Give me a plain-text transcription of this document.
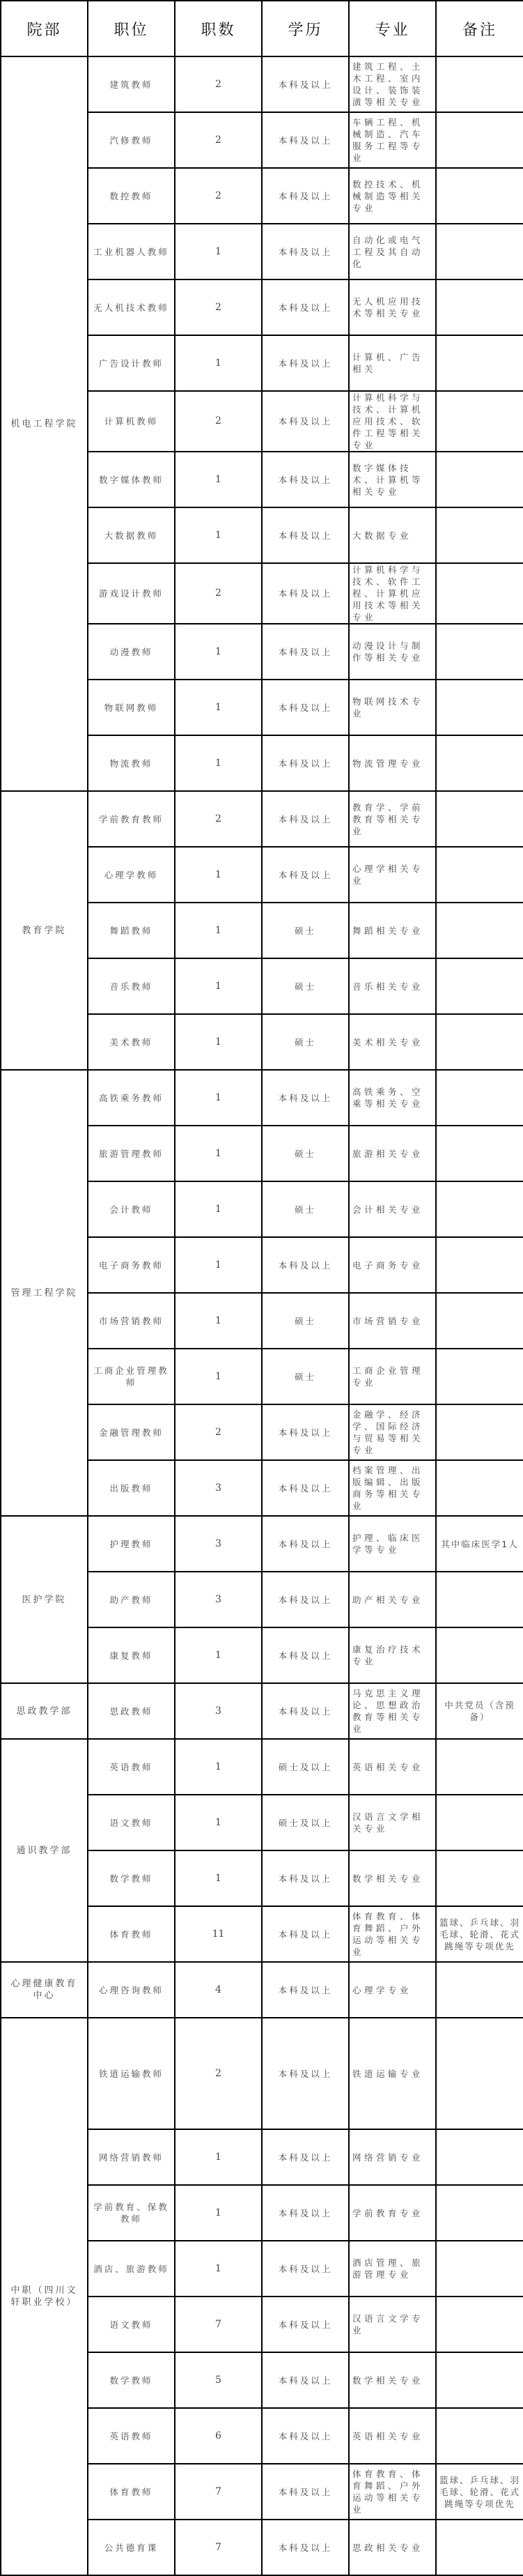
院部	职位	职数	学历	专业	备注
机电工程学院	建筑教师	2	本科及以上	建筑工程、土木工程、室内设计、装饰装潢等相关专业	
	汽修教师	2	本科及以上	车辆工程、机械制造、汽车服务工程等专业	
	数控教师	2	本科及以上	数控技术、机械制造等相关专业	
	工业机器人教师	1	本科及以上	自动化或电气工程及其自动化	
	无人机技术教师	2	本科及以上	无人机应用技术等相关专业	
	广告设计教师	1	本科及以上	计算机、广告相关	
	计算机教师	2	本科及以上	计算机科学与技术、计算机应用技术、软件工程等相关专业	
	数字媒体教师	1	本科及以上	数字媒体技术、计算机等相关专业	
	大数据教师	1	本科及以上	大数据专业	
	游戏设计教师	2	本科及以上	计算机科学与技术、软件工程、计算机应用技术等相关专业	
	动漫教师	1	本科及以上	动漫设计与制作等相关专业	
	物联网教师	1	本科及以上	物联网技术专业	
	物流教师	1	本科及以上	物流管理专业	
教育学院	学前教育教师	2	本科及以上	教育学、学前教育等相关专业	
	心理学教师	1	本科及以上	心理学相关专业	
	舞蹈教师	1	硕士	舞蹈相关专业	
	音乐教师	1	硕士	音乐相关专业	
	美术教师	1	硕士	美术相关专业	
管理工程学院	高铁乘务教师	1	本科及以上	高铁乘务、空乘等相关专业	
	旅游管理教师	1	硕士	旅游相关专业	
	会计教师	1	硕士	会计相关专业	
	电子商务教师	1	本科及以上	电子商务专业	
	市场营销教师	1	硕士	市场营销专业	
	工商企业管理教师	1	硕士	工商企业管理专业	
	金融管理教师	2	本科及以上	金融学、经济学、国际经济与贸易等相关专业	
	出版教师	3	本科及以上	档案管理、出版编辑、出版商务等相关专业	
医护学院	护理教师	3	本科及以上	护理、临床医学等专业	其中临床医学1人
	助产教师	3	本科及以上	助产相关专业	
	康复教师	1	本科及以上	康复治疗技术专业	
思政教学部	思政教师	3	本科及以上	马克思主义理论、思想政治教育等相关专业	中共党员（含预备）
通识教学部	英语教师	1	硕士及以上	英语相关专业	
	语文教师	1	硕士及以上	汉语言文学相关专业	
	数学教师	1	本科及以上	数学相关专业	
	体育教师	11	本科及以上	体育教育、体育舞蹈、户外运动等相关专业	篮球、乒乓球、羽毛球、轮滑、花式跳绳等专项优先
心理健康教育中心	心理咨询教师	4	本科及以上	心理学专业	
中职（四川文轩职业学校）	铁道运输教师	2	本科及以上	铁道运输专业	
	网络营销教师	1	本科及以上	网络营销专业	
	学前教育、保教教师	1	本科及以上	学前教育专业	
	酒店、旅游教师	1	本科及以上	酒店管理、旅游管理专业	
	语文教师	7	本科及以上	汉语言文学专业	
	数学教师	5	本科及以上	数学相关专业	
	英语教师	6	本科及以上	英语相关专业	
	体育教师	7	本科及以上	体育教育、体育舞蹈、户外运动等相关专业	篮球、乒乓球、羽毛球、轮滑、花式跳绳等专项优先
	公共德育课	7	本科及以上	思政相关专业	
